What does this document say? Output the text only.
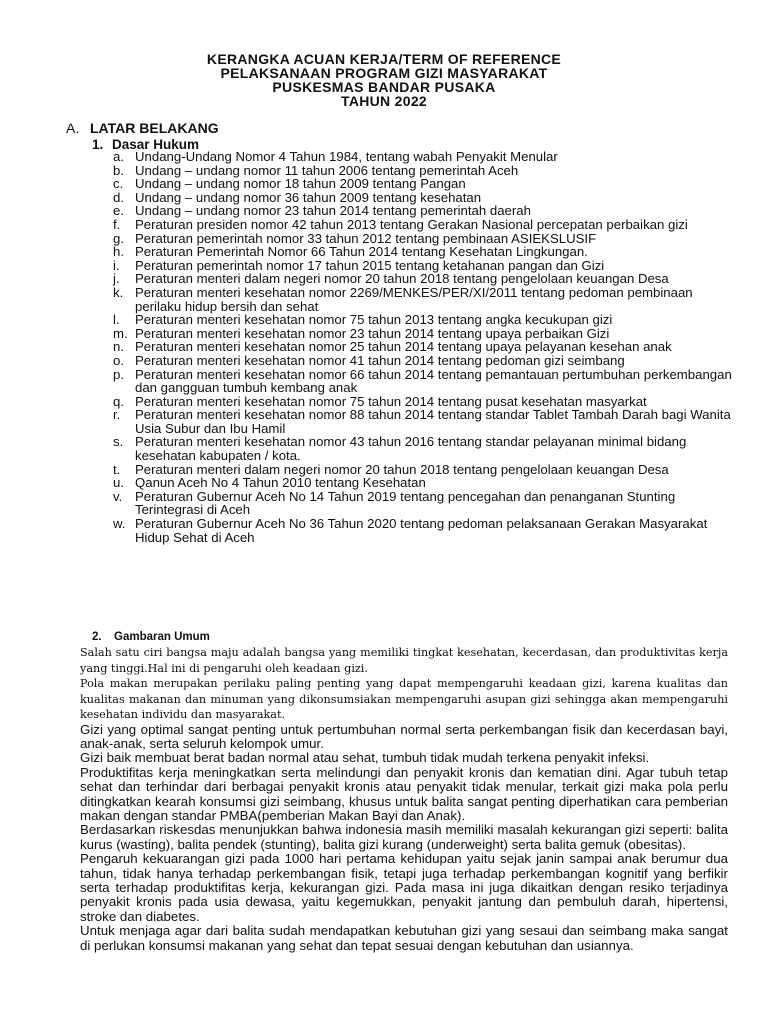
KERANGKA ACUAN KERJA/TERM OF REFERENCE
PELAKSANAAN PROGRAM GIZI MASYARAKAT
PUSKESMAS BANDAR PUSAKA
TAHUN 2022
A. LATAR BELAKANG
1. Dasar Hukum
a. Undang-Undang Nomor 4 Tahun 1984, tentang wabah Penyakit Menular
b. Undang – undang nomor 11 tahun 2006 tentang pemerintah Aceh
c. Undang – undang nomor 18 tahun 2009 tentang Pangan
d. Undang – undang nomor 36 tahun 2009 tentang kesehatan
e. Undang – undang nomor 23 tahun 2014 tentang pemerintah daerah
f. Peraturan presiden nomor 42 tahun 2013 tentang Gerakan Nasional percepatan perbaikan gizi
g. Peraturan pemerintah nomor 33 tahun 2012 tentang pembinaan ASIEKSLUSIF
h. Peraturan Pemerintah Nomor 66 Tahun 2014 tentang Kesehatan Lingkungan.
i. Peraturan pemerintah nomor 17 tahun 2015 tentang ketahanan pangan dan Gizi
j. Peraturan menteri dalam negeri nomor 20 tahun 2018 tentang pengelolaan keuangan Desa
k. Peraturan menteri kesehatan nomor 2269/MENKES/PER/XI/2011 tentang pedoman pembinaan perilaku hidup bersih dan sehat
l. Peraturan menteri kesehatan nomor 75 tahun 2013 tentang angka kecukupan gizi
m. Peraturan menteri kesehatan nomor 23 tahun 2014 tentang upaya perbaikan Gizi
n. Peraturan menteri kesehatan nomor 25 tahun 2014 tentang upaya pelayanan kesehan anak
o. Peraturan menteri kesehatan nomor 41 tahun 2014 tentang pedoman gizi seimbang
p. Peraturan menteri kesehatan nomor 66 tahun 2014 tentang pemantauan pertumbuhan perkembangan dan gangguan tumbuh kembang anak
q. Peraturan menteri kesehatan nomor 75 tahun 2014 tentang pusat kesehatan masyarkat
r. Peraturan menteri kesehatan nomor 88 tahun 2014 tentang standar Tablet Tambah Darah bagi Wanita Usia Subur dan Ibu Hamil
s. Peraturan menteri kesehatan nomor 43 tahun 2016 tentang standar pelayanan minimal bidang kesehatan kabupaten / kota.
t. Peraturan menteri dalam negeri nomor 20 tahun 2018 tentang pengelolaan keuangan Desa
u. Qanun Aceh No 4 Tahun 2010 tentang Kesehatan
v. Peraturan Gubernur Aceh No 14 Tahun 2019 tentang pencegahan dan penanganan Stunting Terintegrasi di Aceh
w. Peraturan Gubernur Aceh No 36 Tahun 2020 tentang pedoman pelaksanaan Gerakan Masyarakat Hidup Sehat di Aceh
2. Gambaran Umum

Salah satu ciri bangsa maju adalah bangsa yang memiliki tingkat kesehatan, kecerdasan, dan produktivitas kerja yang tinggi.Hal ini di pengaruhi oleh keadaan gizi.

Pola makan merupakan perilaku paling penting yang dapat mempengaruhi keadaan gizi, karena kualitas dan kualitas makanan dan minuman yang dikonsumsiakan mempengaruhi asupan gizi sehingga akan mempengaruhi kesehatan individu dan masyarakat.

Gizi yang optimal sangat penting untuk pertumbuhan normal serta perkembangan fisik dan kecerdasan bayi, anak-anak, serta seluruh kelompok umur.

Gizi baik membuat berat badan normal atau sehat, tumbuh tidak mudah terkena penyakit infeksi.

Produktifitas kerja meningkatkan serta melindungi dan penyakit kronis dan kematian dini. Agar tubuh tetap sehat dan terhindar dari berbagai penyakit kronis atau penyakit tidak menular, terkait gizi maka pola perlu ditingkatkan kearah konsumsi gizi seimbang, khusus untuk balita sangat penting diperhatikan cara pemberian makan dengan standar PMBA(pemberian Makan Bayi dan Anak).

Berdasarkan riskesdas menunjukkan bahwa indonesia masih memiliki masalah kekurangan gizi seperti: balita kurus (wasting), balita pendek (stunting), balita gizi kurang (underweight) serta balita gemuk (obesitas).

Pengaruh kekuarangan gizi pada 1000 hari pertama kehidupan yaitu sejak janin sampai anak berumur dua tahun, tidak hanya terhadap perkembangan fisik, tetapi juga terhadap perkembangan kognitif yang berfikir serta terhadap produktifitas kerja, kekurangan gizi. Pada masa ini juga dikaitkan dengan resiko terjadinya penyakit kronis pada usia dewasa, yaitu kegemukkan, penyakit jantung dan pembuluh darah, hipertensi, stroke dan diabetes.

Untuk menjaga agar dari balita sudah mendapatkan kebutuhan gizi yang sesaui dan seimbang maka sangat di perlukan konsumsi makanan yang sehat dan tepat sesuai dengan kebutuhan dan usiannya.
